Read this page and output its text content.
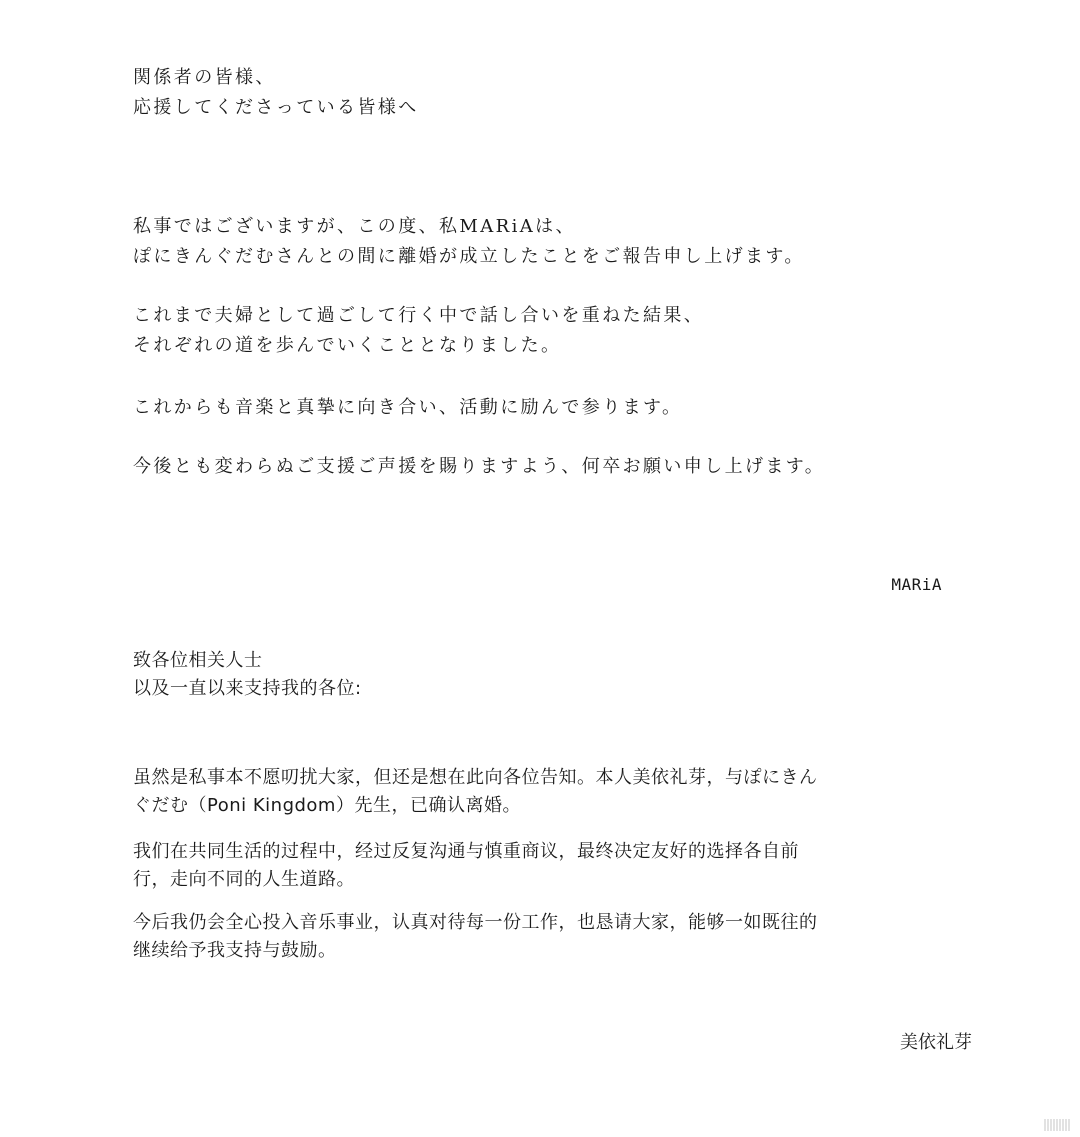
関係者の皆様、
応援してくださっている皆様へ
私事ではございますが、この度、私MARiAは、
ぽにきんぐだむさんとの間に離婚が成立したことをご報告申し上げます。
これまで夫婦として過ごして行く中で話し合いを重ねた結果、
それぞれの道を歩んでいくこととなりました。
これからも音楽と真摯に向き合い、活動に励んで参ります。
今後とも変わらぬご支援ご声援を賜りますよう、何卒お願い申し上げます。
MARiA
致各位相关人士
以及一直以来支持我的各位:
虽然是私事本不愿叨扰大家，但还是想在此向各位告知。本人美依礼芽，与ぽにきん
ぐだむ（Poni Kingdom）先生，已确认离婚。
我们在共同生活的过程中，经过反复沟通与慎重商议，最终决定友好的选择各自前
行，走向不同的人生道路。
今后我仍会全心投入音乐事业，认真对待每一份工作，也恳请大家，能够一如既往的
继续给予我支持与鼓励。
美依礼芽
